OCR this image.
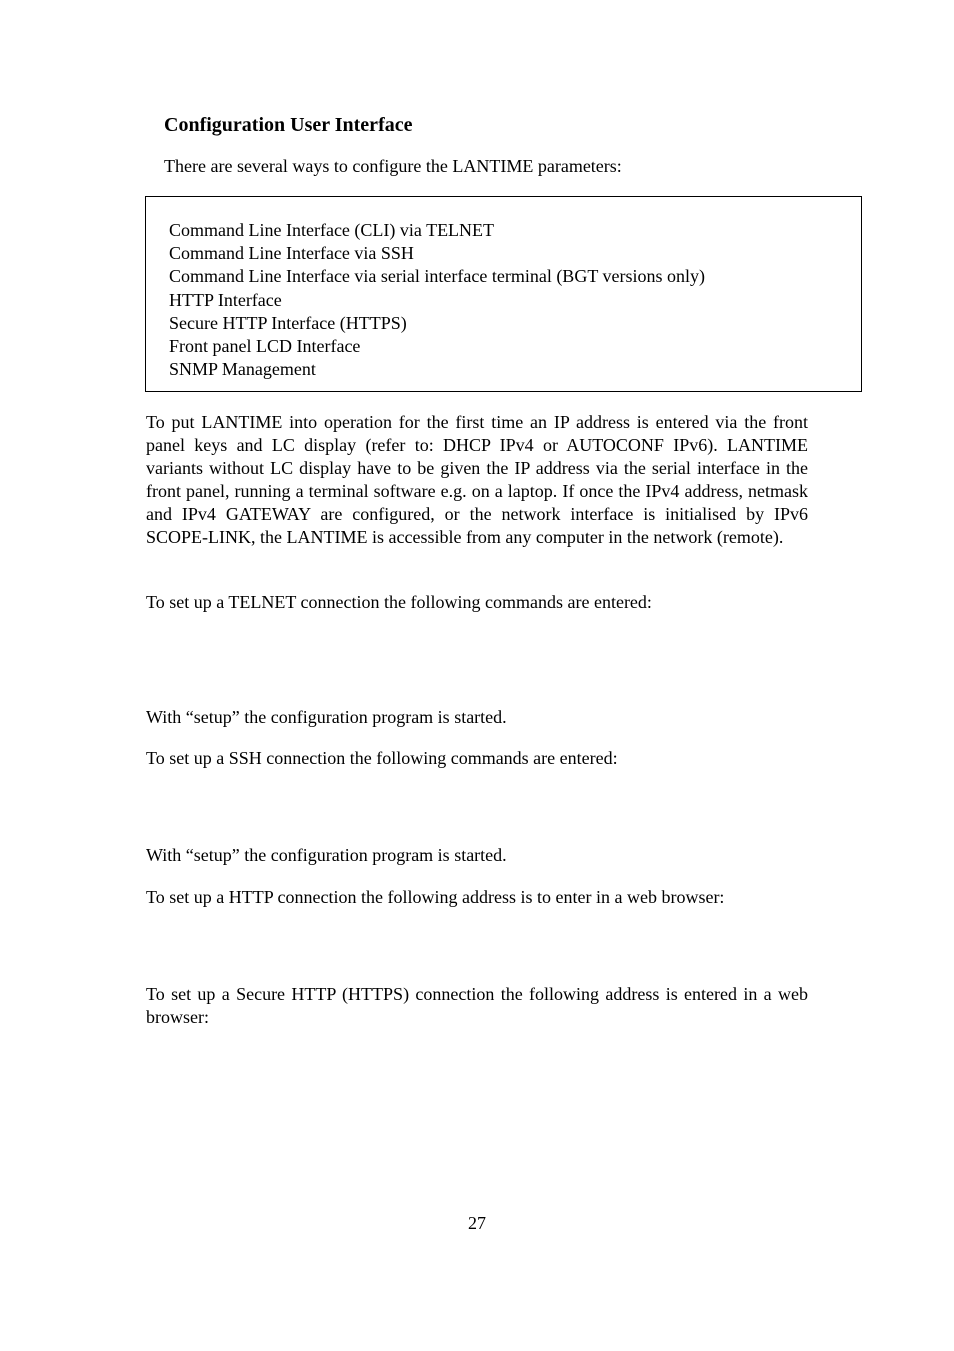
Configuration User Interface

There are several ways to configure the LANTIME parameters:

Command Line Interface (CLI) via TELNET
Command Line Interface via SSH
Command Line Interface via serial interface terminal (BGT versions only)
HTTP Interface
Secure HTTP Interface (HTTPS)
Front panel LCD Interface
SNMP Management

To put LANTIME into operation for the first time an IP address is entered via the front panel keys and LC display (refer to: DHCP IPv4 or AUTOCONF IPv6). LANTIME variants without LC display have to be given the IP address via the serial interface in the front panel, running a terminal software e.g. on a laptop. If once the IPv4 address, netmask and IPv4 GATEWAY are configured, or the network interface is initialised by IPv6 SCOPE-LINK, the LANTIME is accessible from any computer in the network (remote).

To set up a TELNET connection the following commands are entered:

With “setup” the configuration program is started.

To set up a SSH connection the following commands are entered:

With “setup” the configuration program is started.

To set up a HTTP connection the following address is to enter in a web browser:

To set up a Secure HTTP (HTTPS) connection the following address is entered in a web browser:

27
